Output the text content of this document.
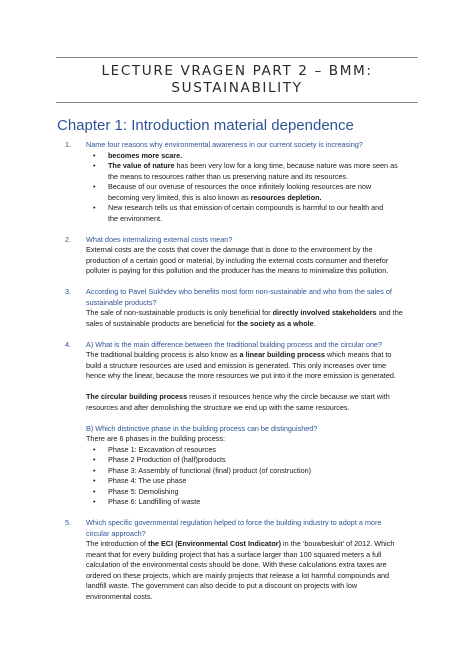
LECTURE VRAGEN PART 2 – BMM:
SUSTAINABILITY
Chapter 1: Introduction material dependence
1. Name four reasons why environmental awareness in our current society is increasing?
• becomes more scare.
• The value of nature has been very low for a long time, because nature was more seen as
the means to resources rather than us preserving nature and its resources.
• Because of our overuse of resources the once infinitely looking resources are now
becoming very limited, this is also known as resources depletion.
• New research tells us that emission of certain compounds is harmful to our health and
the environment.
2. What does internalizing external costs mean?
External costs are the costs that cover the damage that is done to the environment by the
production of a certain good or material, by including the external costs consumer and therefor
polluter is paying for this pollution and the producer has the means to minimalize this pollution.
3. According to Pavel Sukhdev who benefits most form non-sustainable and who from the sales of
sustainable products?
The sale of non-sustainable products is only beneficial for directly involved stakeholders and the
sales of sustainable products are beneficial for the society as a whole.
4. A) What is the main difference between the traditional building process and the circular one?
The traditional building process is also know as a linear building process which means that to
build a structure resources are used and emission is generated. This only increases over time
hence why the linear, because the more resources we put into it the more emission is generated.
The circular building process reuses it resources hence why the circle because we start with
resources and after demolishing the structure we end up with the same resources.
B) Which distinctive phase in the building process can be distinguished?
There are 6 phases in the building process:
• Phase 1: Excavation of resources
• Phase 2 Production of (half)products
• Phase 3: Assembly of functional (final) product (of construction)
• Phase 4: The use phase
• Phase 5: Demolishing
• Phase 6: Landfilling of waste
5. Which specific governmental regulation helped to force the building industry to adopt a more
circular approach?
The introduction of the ECI (Environmental Cost Indicator) in the ‘bouwbesluit’ of 2012. Which
meant that for every building project that has a surface larger than 100 squared meters a full
calculation of the environmental costs should be done. With these calculations extra taxes are
ordered on these projects, which are mainly projects that release a lot harmful compounds and
landfill waste. The government can also decide to put a discount on projects with low
environmental costs.
